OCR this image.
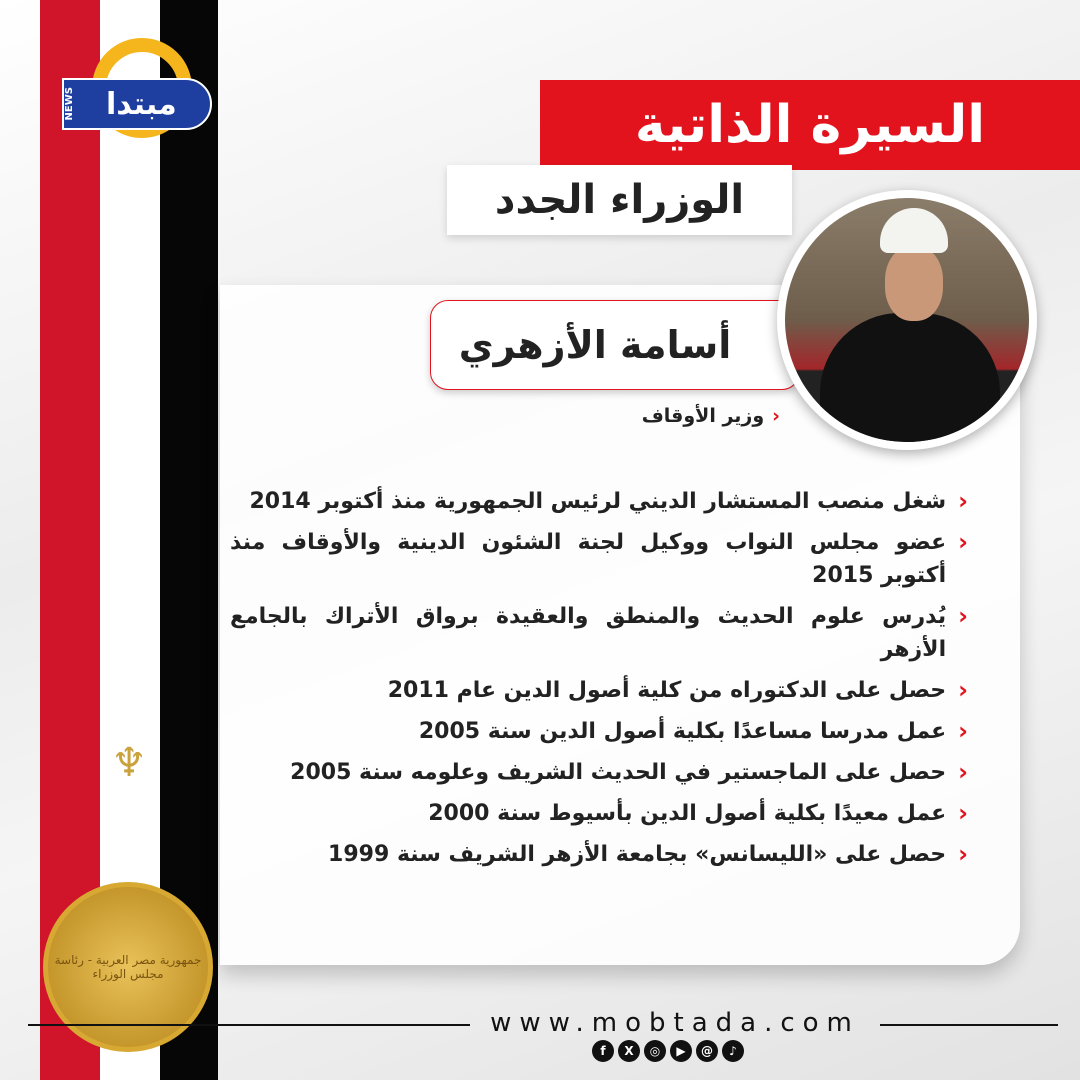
NEWS	مبتدا
♆
السيرة الذاتية
الوزراء الجدد
أسامة الأزهري
‹
وزير الأوقاف
‹
شغل منصب المستشار الديني لرئيس الجمهورية منذ أكتوبر 2014
‹
عضو مجلس النواب ووكيل لجنة الشئون الدينية والأوقاف منذ أكتوبر 2015
‹
يُدرس علوم الحديث والمنطق والعقيدة برواق الأتراك بالجامع الأزهر
‹
حصل على الدكتوراه من كلية أصول الدين عام 2011
‹
عمل مدرسا مساعدًا بكلية أصول الدين سنة 2005
‹
حصل على الماجستير في الحديث الشريف وعلومه سنة 2005
‹
عمل معيدًا بكلية أصول الدين بأسيوط سنة 2000
‹
حصل على «الليسانس» بجامعة الأزهر الشريف سنة 1999
جمهورية مصر العربية - رئاسة مجلس الوزراء
www.mobtada.com
f	X	◎	▶	@	♪
